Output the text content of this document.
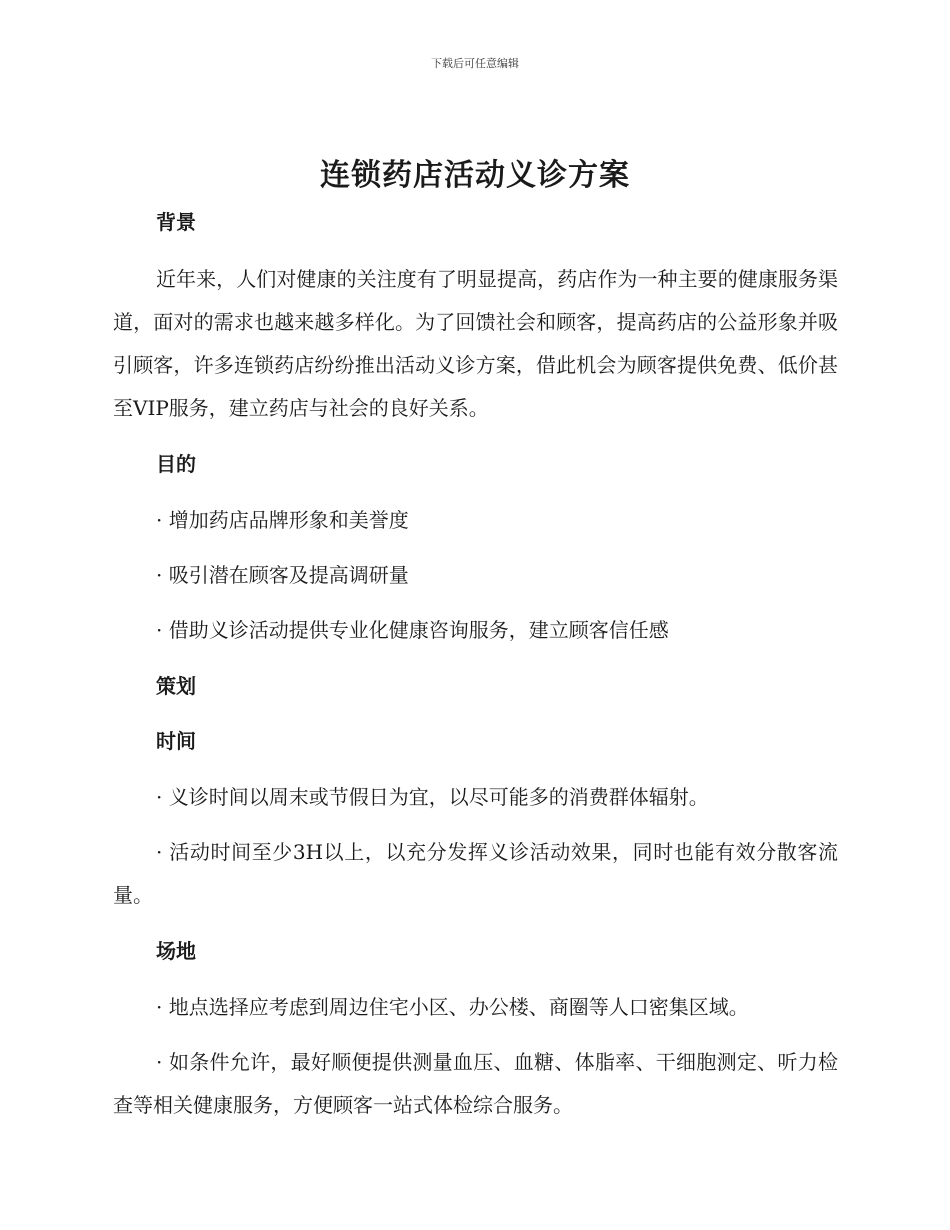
下载后可任意编辑
连锁药店活动义诊方案
背景

近年来，人们对健康的关注度有了明显提高，药店作为一种主要的健康服务渠道，面对的需求也越来越多样化。为了回馈社会和顾客，提高药店的公益形象并吸引顾客，许多连锁药店纷纷推出活动义诊方案，借此机会为顾客提供免费、低价甚至VIP服务，建立药店与社会的良好关系。

目的

· 增加药店品牌形象和美誉度

· 吸引潜在顾客及提高调研量

· 借助义诊活动提供专业化健康咨询服务，建立顾客信任感

策划
时间

· 义诊时间以周末或节假日为宜，以尽可能多的消费群体辐射。

· 活动时间至少3H以上，以充分发挥义诊活动效果，同时也能有效分散客流量。

场地

· 地点选择应考虑到周边住宅小区、办公楼、商圈等人口密集区域。

· 如条件允许，最好顺便提供测量血压、血糖、体脂率、干细胞测定、听力检查等相关健康服务，方便顾客一站式体检综合服务。
